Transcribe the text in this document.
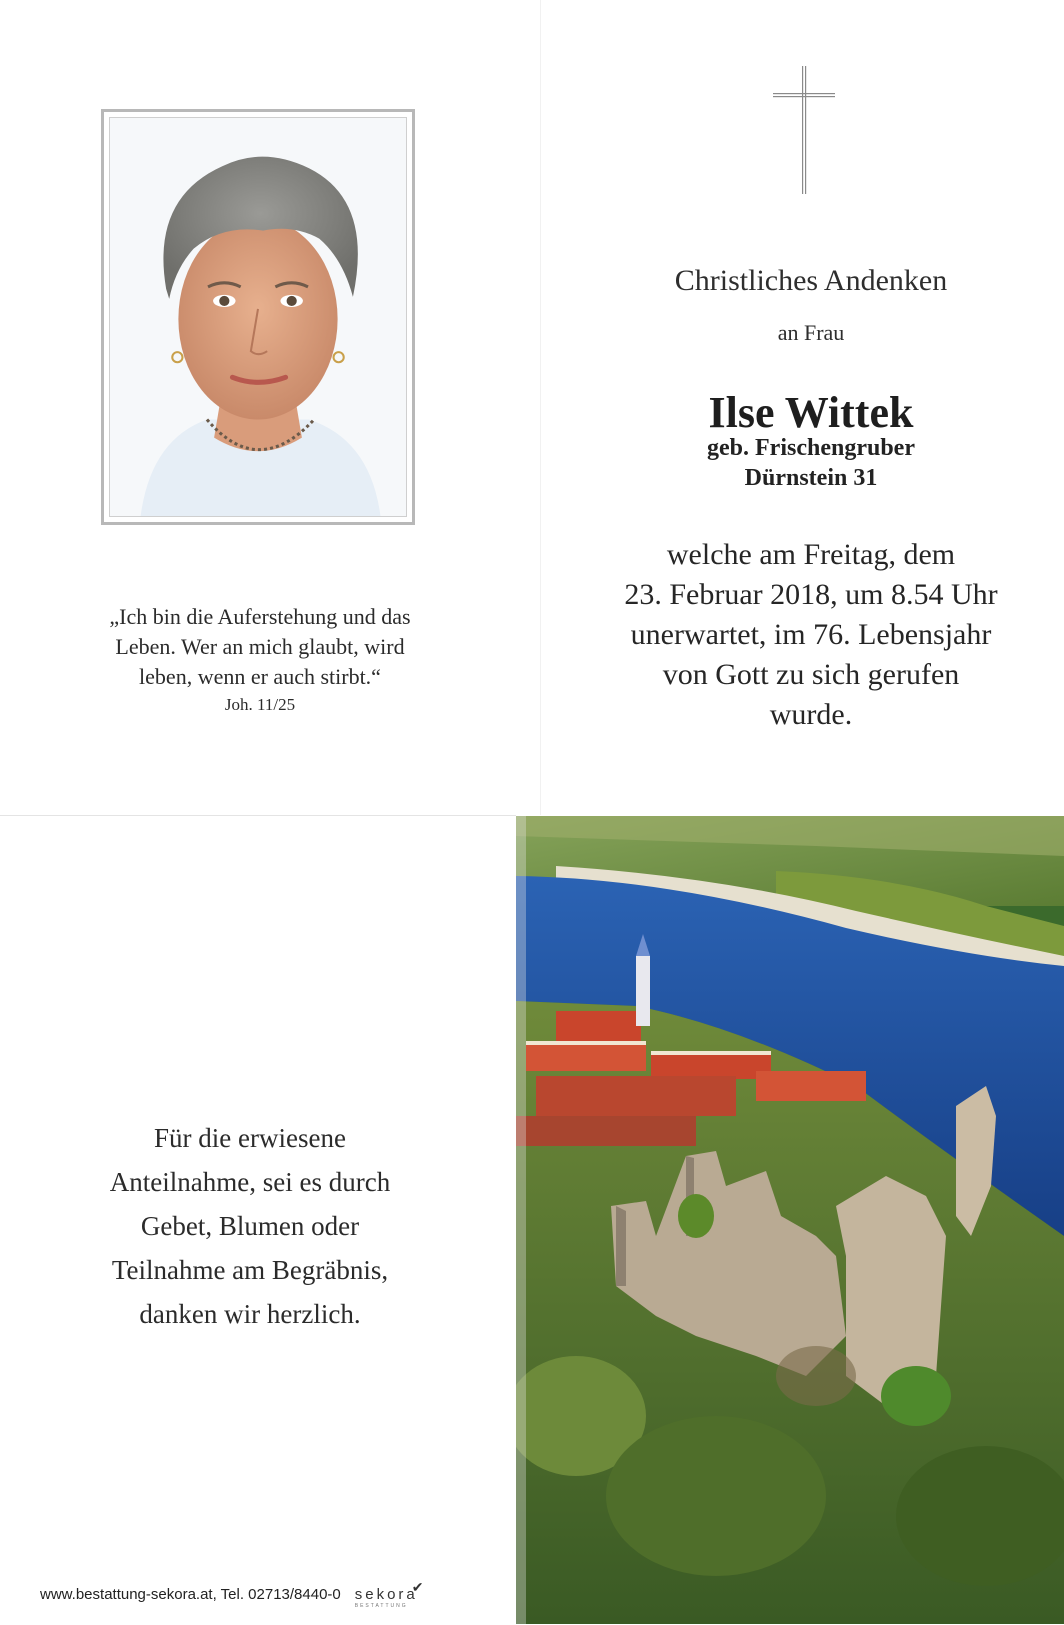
„Ich bin die Auferstehung und das
Leben. Wer an mich glaubt, wird
leben, wenn er auch stirbt.“
Joh. 11/25
Christliches Andenken
an Frau
Ilse Wittek
geb. Frischengruber
Dürnstein 31
welche am Freitag, dem
23. Februar 2018, um 8.54 Uhr
unerwartet, im 76. Lebensjahr
von Gott zu sich gerufen
wurde.
Für die erwiesene
Anteilnahme, sei es durch
Gebet, Blumen oder
Teilnahme am Begräbnis,
danken wir herzlich.
www.bestattung-sekora.at, Tel. 02713/8440-0 sekora✔
BESTATTUNG
